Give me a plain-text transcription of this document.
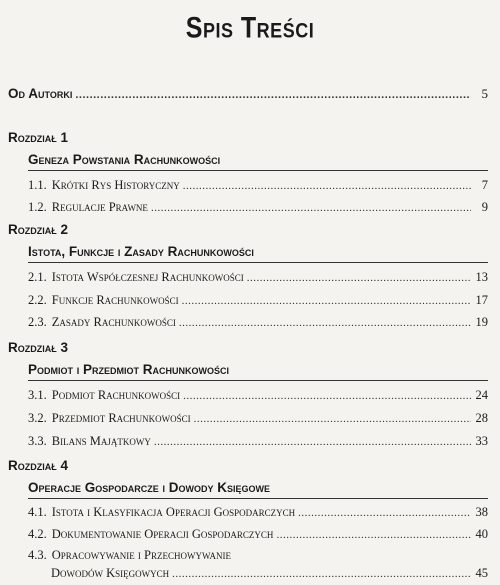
Spis Treści
Od Autorki .....	5
Rozdział 1
Geneza Powstania Rachunkowości
1.1. Krótki Rys Historyczny .....	7
1.2. Regulacje Prawne .....	9
Rozdział 2
Istota, Funkcje i Zasady Rachunkowości
2.1. Istota Współczesnej Rachunkowości .....	13
2.2. Funkcje Rachunkowości .....	17
2.3. Zasady Rachunkowości .....	19
Rozdział 3
Podmiot i Przedmiot Rachunkowości
3.1. Podmiot Rachunkowości .....	24
3.2. Przedmiot Rachunkowości .....	28
3.3. Bilans Majątkowy .....	33
Rozdział 4
Operacje Gospodarcze i Dowody Księgowe
4.1. Istota i Klasyfikacja Operacji Gospodarczych .....	38
4.2. Dokumentowanie Operacji Gospodarczych .....	40
4.3. Opracowywanie i Przechowywanie
Dowodów Księgowych .....	45
